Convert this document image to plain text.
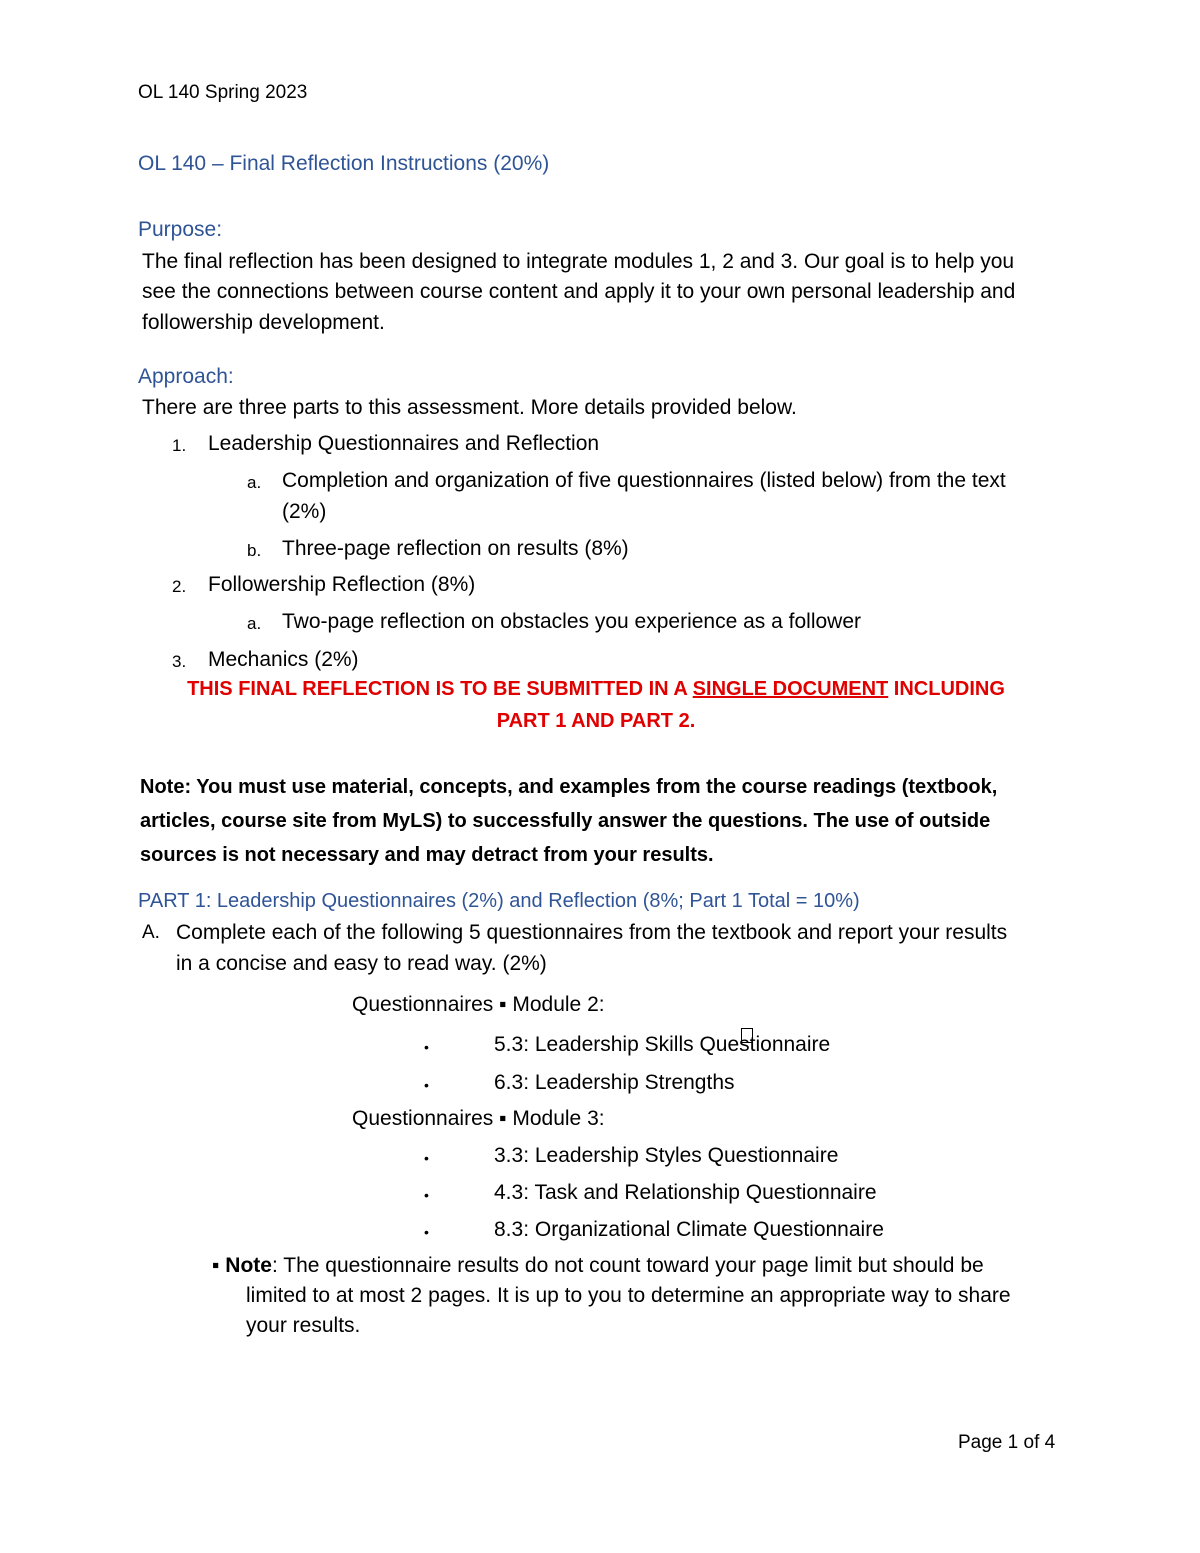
OL 140 Spring 2023
OL 140 – Final Reflection Instructions (20%)
Purpose:
The final reflection has been designed to integrate modules 1, 2 and 3. Our goal is to help you
see the connections between course content and apply it to your own personal leadership and
followership development.
Approach:
There are three parts to this assessment. More details provided below.
1. Leadership Questionnaires and Reflection
a. Completion and organization of five questionnaires (listed below) from the text
(2%)
b. Three-page reflection on results (8%)
2. Followership Reflection (8%)
a. Two-page reflection on obstacles you experience as a follower
3. Mechanics (2%)
THIS FINAL REFLECTION IS TO BE SUBMITTED IN A SINGLE DOCUMENT INCLUDING
PART 1 AND PART 2.
Note: You must use material, concepts, and examples from the course readings (textbook,
articles, course site from MyLS) to successfully answer the questions. The use of outside
sources is not necessary and may detract from your results.
PART 1: Leadership Questionnaires (2%) and Reflection (8%; Part 1 Total = 10%)
A. Complete each of the following 5 questionnaires from the textbook and report your results
in a concise and easy to read way. (2%)
Questionnaires ▪ Module 2:
•	5.3: Leadership Skills Questionnaire
•	6.3: Leadership Strengths
Questionnaires ▪ Module 3:
•	3.3: Leadership Styles Questionnaire
•	4.3: Task and Relationship Questionnaire
•	8.3: Organizational Climate Questionnaire
▪ Note: The questionnaire results do not count toward your page limit but should be
limited to at most 2 pages. It is up to you to determine an appropriate way to share
your results.
Page 1 of 4
